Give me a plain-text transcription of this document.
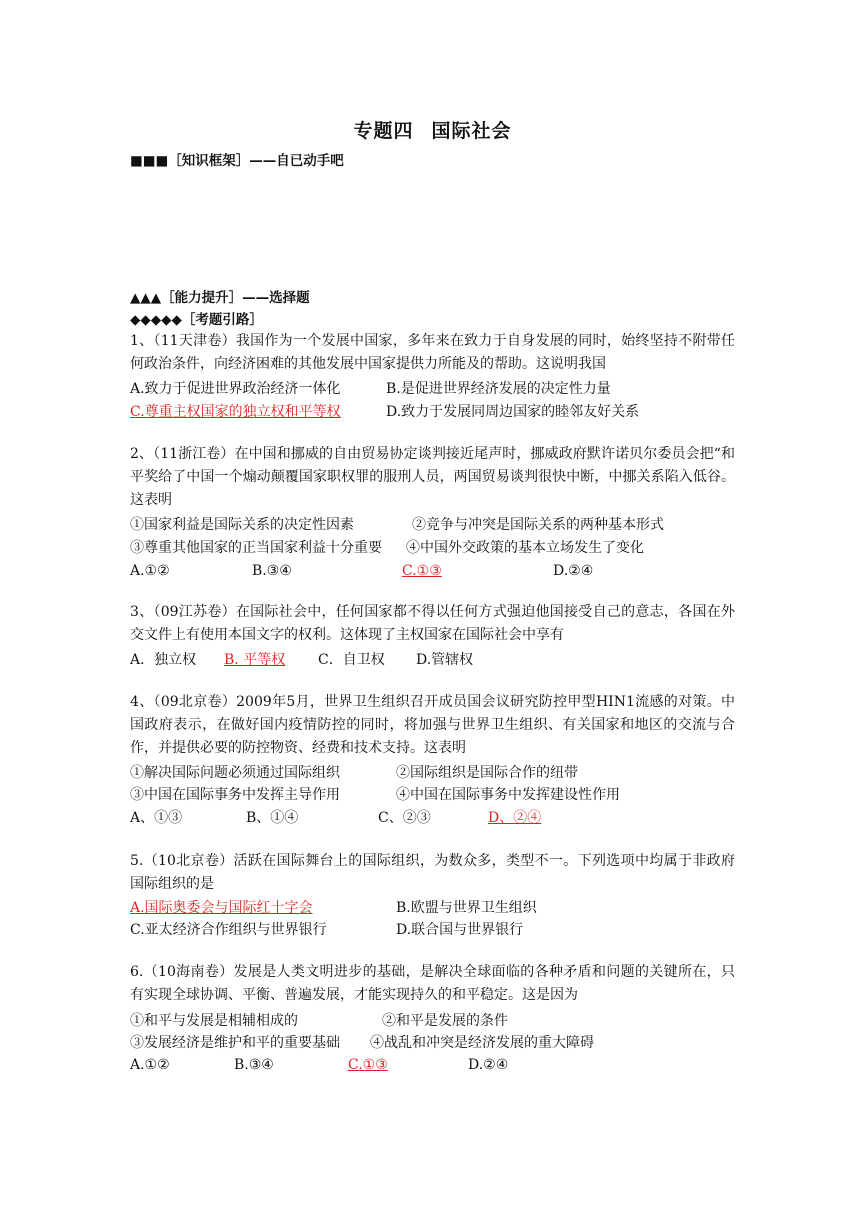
专题四 国际社会
■■■［知识框架］——自已动手吧
▲▲▲［能力提升］——选择题
◆◆◆◆◆［考题引路］
1、（11天津卷）我国作为一个发展中国家，多年来在致力于自身发展的同时，始终坚持不附带任何政治条件，向经济困难的其他发展中国家提供力所能及的帮助。这说明我国
A.致力于促进世界政治经济一体化	B.是促进世界经济发展的决定性力量
C.尊重主权国家的独立权和平等权	D.致力于发展同周边国家的睦邻友好关系
2、（11浙江卷）在中国和挪威的自由贸易协定谈判接近尾声时，挪威政府默许诺贝尔委员会把“和平奖给了中国一个煽动颠覆国家职权罪的服刑人员，两国贸易谈判很快中断，中挪关系陷入低谷。这表明
①国家利益是国际关系的决定性因素	②竞争与冲突是国际关系的两种基本形式
③尊重其他国家的正当国家利益十分重要 ④中国外交政策的基本立场发生了变化
A.①②	B.③④	C.①③	D.②④
3、（09江苏卷）在国际社会中，任何国家都不得以任何方式强迫他国接受自己的意志，各国在外交文件上有使用本国文字的权利。这体现了主权国家在国际社会中享有
A．独立权 B. 平等权 C．自卫权 D.管辖权
4、（09北京卷）2009年5月，世界卫生组织召开成员国会议研究防控甲型HIN1流感的对策。中国政府表示，在做好国内疫情防控的同时，将加强与世界卫生组织、有关国家和地区的交流与合作，并提供必要的防控物资、经费和技术支持。这表明
①解决国际问题必须通过国际组织	②国际组织是国际合作的纽带
③中国在国际事务中发挥主导作用	④中国在国际事务中发挥建设性作用
A、①③	B、①④	C、②③	D、②④
5.（10北京卷）活跃在国际舞台上的国际组织，为数众多，类型不一。下列选项中均属于非政府国际组织的是
A.国际奥委会与国际红十字会	B.欧盟与世界卫生组织
C.亚太经济合作组织与世界银行	D.联合国与世界银行
6.（10海南卷）发展是人类文明进步的基础，是解决全球面临的各种矛盾和问题的关键所在，只有实现全球协调、平衡、普遍发展，才能实现持久的和平稳定。这是因为
①和平与发展是相辅相成的	②和平是发展的条件
③发展经济是维护和平的重要基础 ④战乱和冲突是经济发展的重大障碍
A.①②	B.③④	C.①③	D.②④
